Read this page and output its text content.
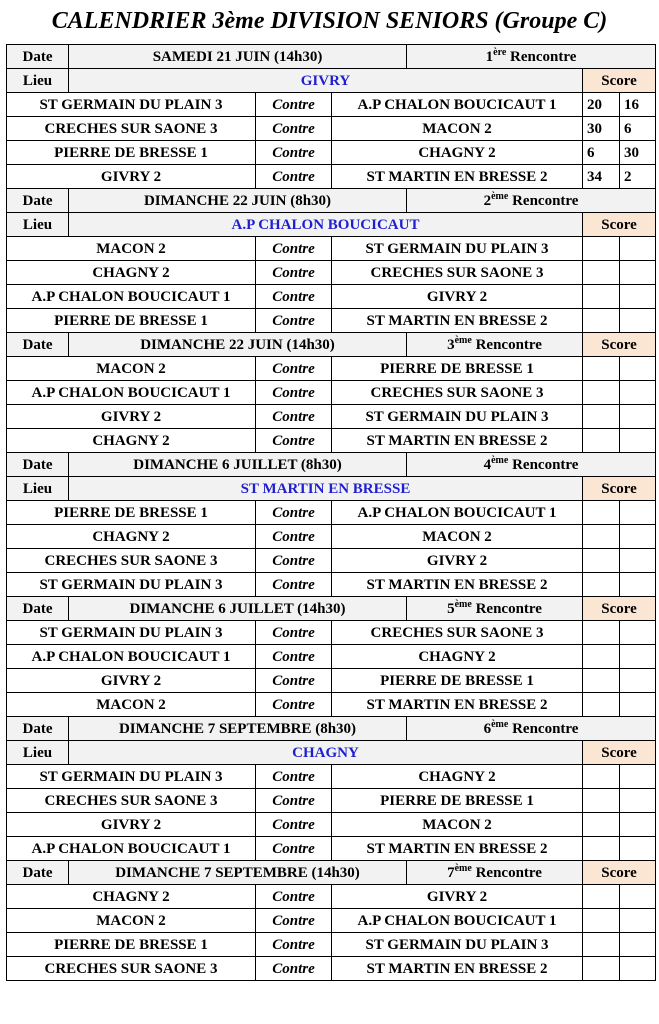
CALENDRIER 3ème DIVISION SENIORS (Groupe C)
Date	SAMEDI 21 JUIN (14h30)			1ère Rencontre		
Lieu	GIVRY				Score	
ST GERMAIN DU PLAIN 3		Contre	A.P CHALON BOUCICAUT 1		20	16
CRECHES SUR SAONE 3		Contre	MACON 2		30	6
PIERRE DE BRESSE 1		Contre	CHAGNY 2		6	30
GIVRY 2		Contre	ST MARTIN EN BRESSE 2		34	2
Date	DIMANCHE 22 JUIN (8h30)			2ème Rencontre		
Lieu	A.P CHALON BOUCICAUT				Score	
MACON 2		Contre	ST GERMAIN DU PLAIN 3			
CHAGNY 2		Contre	CRECHES SUR SAONE 3			
A.P CHALON BOUCICAUT 1		Contre	GIVRY 2			
PIERRE DE BRESSE 1		Contre	ST MARTIN EN BRESSE 2			
Date	DIMANCHE 22 JUIN (14h30)			3ème Rencontre	Score	
MACON 2		Contre	PIERRE DE BRESSE 1			
A.P CHALON BOUCICAUT 1		Contre	CRECHES SUR SAONE 3			
GIVRY 2		Contre	ST GERMAIN DU PLAIN 3			
CHAGNY 2		Contre	ST MARTIN EN BRESSE 2			
Date	DIMANCHE 6 JUILLET (8h30)			4ème Rencontre		
Lieu	ST MARTIN EN BRESSE				Score	
PIERRE DE BRESSE 1		Contre	A.P CHALON BOUCICAUT 1			
CHAGNY 2		Contre	MACON 2			
CRECHES SUR SAONE 3		Contre	GIVRY 2			
ST GERMAIN DU PLAIN 3		Contre	ST MARTIN EN BRESSE 2			
Date	DIMANCHE 6 JUILLET (14h30)			5ème Rencontre	Score	
ST GERMAIN DU PLAIN 3		Contre	CRECHES SUR SAONE 3			
A.P CHALON BOUCICAUT 1		Contre	CHAGNY 2			
GIVRY 2		Contre	PIERRE DE BRESSE 1			
MACON 2		Contre	ST MARTIN EN BRESSE 2			
Date	DIMANCHE 7 SEPTEMBRE (8h30)			6ème Rencontre		
Lieu	CHAGNY				Score	
ST GERMAIN DU PLAIN 3		Contre	CHAGNY 2			
CRECHES SUR SAONE 3		Contre	PIERRE DE BRESSE 1			
GIVRY 2		Contre	MACON 2			
A.P CHALON BOUCICAUT 1		Contre	ST MARTIN EN BRESSE 2			
Date	DIMANCHE 7 SEPTEMBRE (14h30)			7ème Rencontre	Score	
CHAGNY 2		Contre	GIVRY 2			
MACON 2		Contre	A.P CHALON BOUCICAUT 1			
PIERRE DE BRESSE 1		Contre	ST GERMAIN DU PLAIN 3			
CRECHES SUR SAONE 3		Contre	ST MARTIN EN BRESSE 2			
